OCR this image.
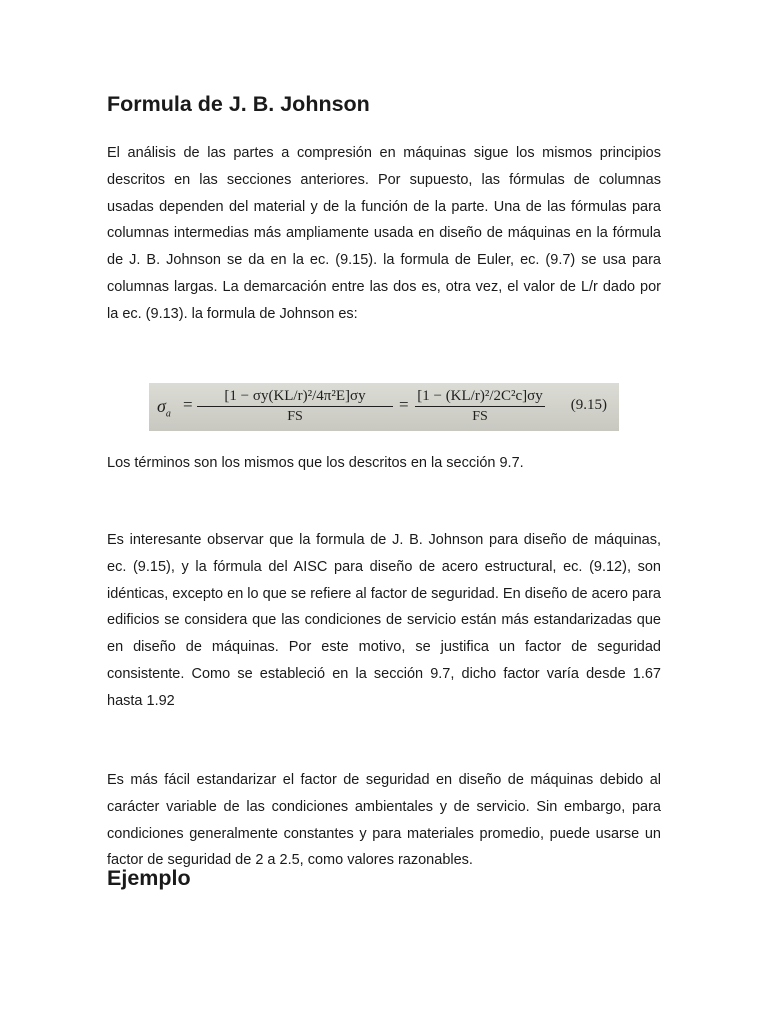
Formula de J. B. Johnson

El análisis de las partes a compresión en máquinas sigue los mismos principios descritos en las secciones anteriores. Por supuesto, las fórmulas de columnas usadas dependen del material y de la función de la parte. Una de las fórmulas para columnas intermedias más ampliamente usada en diseño de máquinas en la fórmula de J. B. Johnson se da en la ec. (9.15). la formula de Euler, ec. (9.7) se usa para columnas largas. La demarcación entre las dos es, otra vez, el valor de L/r dado por la ec. (9.13). la formula de Johnson es:

Los términos son los mismos que los descritos en la sección 9.7.

Es interesante observar que la formula de J. B. Johnson para diseño de máquinas, ec. (9.15), y la fórmula del AISC para diseño de acero estructural, ec. (9.12), son idénticas, excepto en lo que se refiere al factor de seguridad. En diseño de acero para edificios se considera que las condiciones de servicio están más estandarizadas que en diseño de máquinas. Por este motivo, se justifica un factor de seguridad consistente. Como se estableció en la sección 9.7, dicho factor varía desde 1.67 hasta 1.92

Es más fácil estandarizar el factor de seguridad en diseño de máquinas debido al carácter variable de las condiciones ambientales y de servicio. Sin embargo, para condiciones generalmente constantes y para materiales promedio, puede usarse un factor de seguridad de 2 a 2.5, como valores razonables.

Ejemplo
$\sigma_a$
=	[1 − σy(KL/r)²/4π²E]σy
FS
= [1 − (KL/r)²/2C²c]σy
FS
(9.15)
